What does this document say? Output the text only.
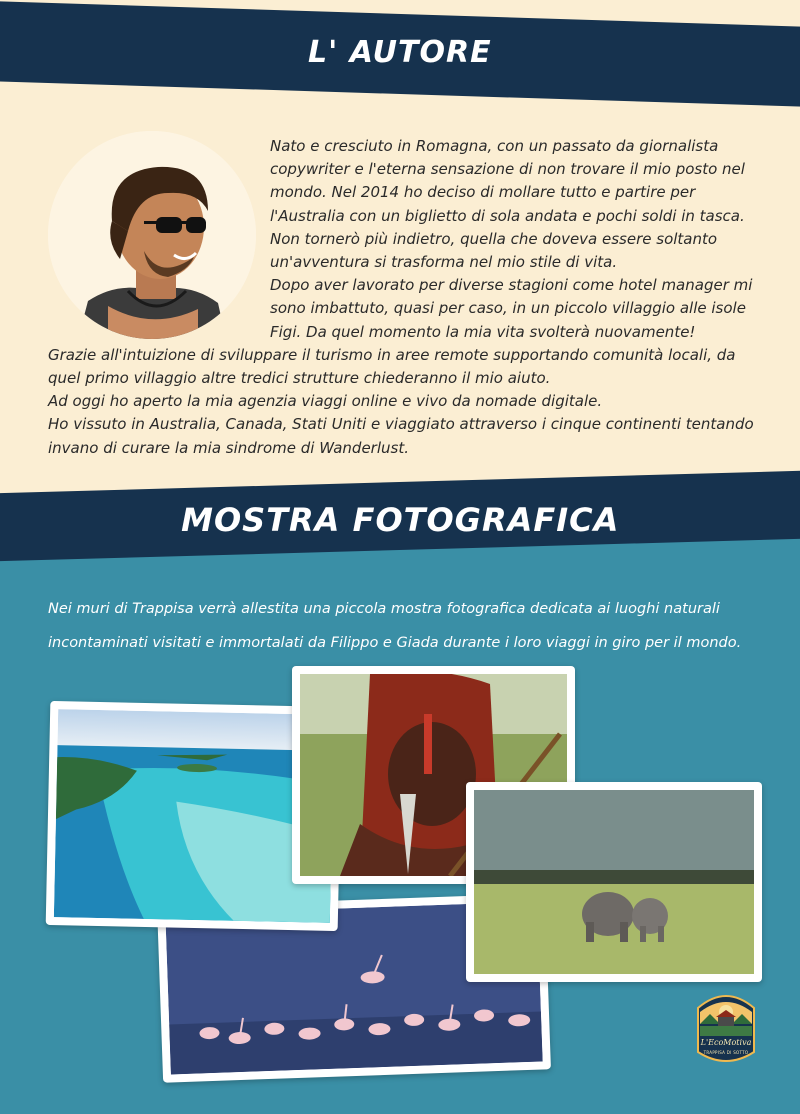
L' AUTORE

Nato e cresciuto in Romagna, con un passato da giornalista copywriter e l'eterna sensazione di non trovare il mio posto nel mondo. Nel 2014 ho deciso di mollare tutto e partire per l'Australia con un biglietto di sola andata e pochi soldi in tasca.

Non tornerò più indietro, quella che doveva essere soltanto un'avventura si trasforma nel mio stile di vita.

Dopo aver lavorato per diverse stagioni come hotel manager mi sono imbattuto, quasi per caso, in un piccolo villaggio alle isole Figi. Da quel momento la mia vita svolterà nuovamente!

Grazie all'intuizione di sviluppare il turismo in aree remote supportando comunità locali, da quel primo villaggio altre tredici strutture chiederanno il mio aiuto.

Ad oggi ho aperto la mia agenzia viaggi online e vivo da nomade digitale.

Ho vissuto in Australia, Canada, Stati Uniti e viaggiato attraverso i cinque continenti tentando invano di curare la mia sindrome di Wanderlust.

MOSTRA FOTOGRAFICA

Nei muri di Trappisa verrà allestita una piccola mostra fotografica dedicata ai luoghi naturali

incontaminati visitati e immortalati da Filippo e Giada durante i loro viaggi in giro per il mondo.

L'EcoMotiva
TRAPPISA DI SOTTO
